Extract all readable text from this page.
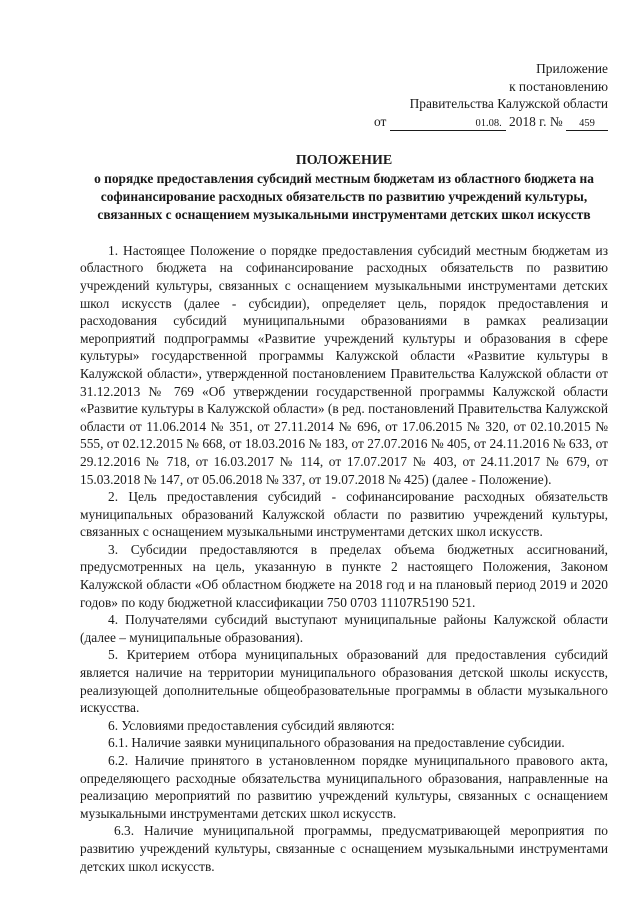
Приложение
к постановлению
Правительства Калужской области
от	01.08. 2018 г. № 459
ПОЛОЖЕНИЕ
о порядке предоставления субсидий местным бюджетам из областного бюджета на софинансирование расходных обязательств по развитию учреждений культуры, связанных с оснащением музыкальными инструментами детских школ искусств

1. Настоящее Положение о порядке предоставления субсидий местным бюджетам из областного бюджета на софинансирование расходных обязательств по развитию учреждений культуры, связанных с оснащением музыкальными инструментами детских школ искусств (далее - субсидии), определяет цель, порядок предоставления и расходования субсидий муниципальными образованиями в рамках реализации мероприятий подпрограммы «Развитие учреждений культуры и образования в сфере культуры» государственной программы Калужской области «Развитие культуры в Калужской области», утвержденной постановлением Правительства Калужской области от 31.12.2013 № 769 «Об утверждении государственной программы Калужской области «Развитие культуры в Калужской области» (в ред. постановлений Правительства Калужской области от 11.06.2014 № 351, от 27.11.2014 № 696, от 17.06.2015 № 320, от 02.10.2015 № 555, от 02.12.2015 № 668, от 18.03.2016 № 183, от 27.07.2016 № 405, от 24.11.2016 № 633, от 29.12.2016 № 718, от 16.03.2017 № 114, от 17.07.2017 № 403, от 24.11.2017 № 679, от 15.03.2018 № 147, от 05.06.2018 № 337, от 19.07.2018 № 425) (далее - Положение).

2. Цель предоставления субсидий - софинансирование расходных обязательств муниципальных образований Калужской области по развитию учреждений культуры, связанных с оснащением музыкальными инструментами детских школ искусств.

3. Субсидии предоставляются в пределах объема бюджетных ассигнований, предусмотренных на цель, указанную в пункте 2 настоящего Положения, Законом Калужской области «Об областном бюджете на 2018 год и на плановый период 2019 и 2020 годов» по коду бюджетной классификации 750 0703 11107R5190 521.

4. Получателями субсидий выступают муниципальные районы Калужской области (далее – муниципальные образования).

5. Критерием отбора муниципальных образований для предоставления субсидий является наличие на территории муниципального образования детской школы искусств, реализующей дополнительные общеобразовательные программы в области музыкального искусства.

6. Условиями предоставления субсидий являются:

6.1. Наличие заявки муниципального образования на предоставление субсидии.

6.2. Наличие принятого в установленном порядке муниципального правового акта, определяющего расходные обязательства муниципального образования, направленные на реализацию мероприятий по развитию учреждений культуры, связанных с оснащением музыкальными инструментами детских школ искусств.

6.3. Наличие муниципальной программы, предусматривающей мероприятия по развитию учреждений культуры, связанные с оснащением музыкальными инструментами детских школ искусств.
